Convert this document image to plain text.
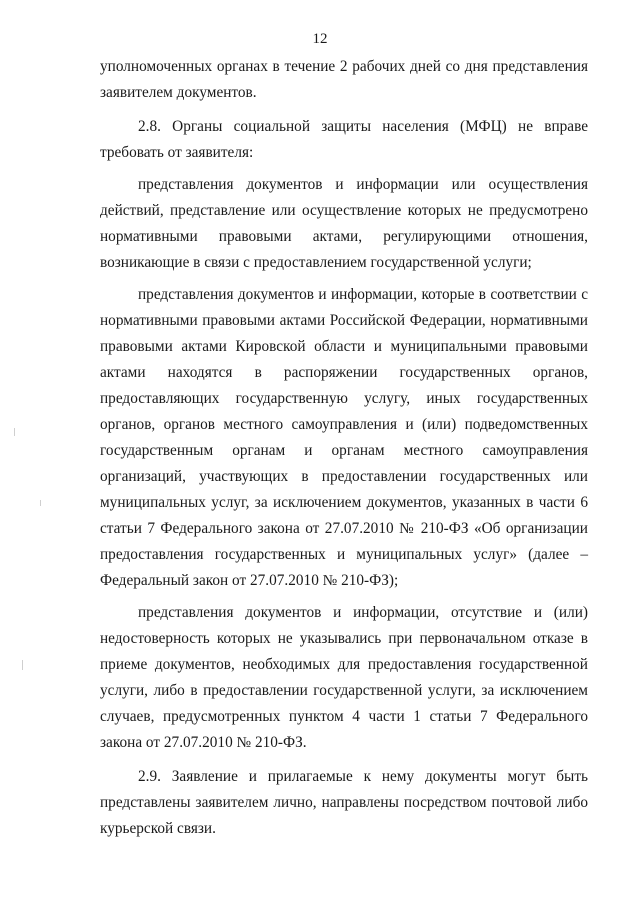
12

уполномоченных органах в течение 2 рабочих дней со дня представления заявителем документов.

2.8. Органы социальной защиты населения (МФЦ) не вправе требовать от заявителя:

представления документов и информации или осуществления действий, представление или осуществление которых не предусмотрено нормативными правовыми актами, регулирующими отношения, возникающие в связи с предоставлением государственной услуги;

представления документов и информации, которые в соответствии с нормативными правовыми актами Российской Федерации, нормативными правовыми актами Кировской области и муниципальными правовыми актами находятся в распоряжении государственных органов, предоставляющих государственную услугу, иных государственных органов, органов местного самоуправления и (или) подведомственных государственным органам и органам местного самоуправления организаций, участвующих в предоставлении государственных или муниципальных услуг, за исключением документов, указанных в части 6 статьи 7 Федерального закона от 27.07.2010 № 210-ФЗ «Об организации предоставления государственных и муниципальных услуг» (далее – Федеральный закон от 27.07.2010 № 210-ФЗ);

представления документов и информации, отсутствие и (или) недостоверность которых не указывались при первоначальном отказе в приеме документов, необходимых для предоставления государственной услуги, либо в предоставлении государственной услуги, за исключением случаев, предусмотренных пунктом 4 части 1 статьи 7 Федерального закона от 27.07.2010 № 210-ФЗ.

2.9. Заявление и прилагаемые к нему документы могут быть представлены заявителем лично, направлены посредством почтовой либо курьерской связи.
